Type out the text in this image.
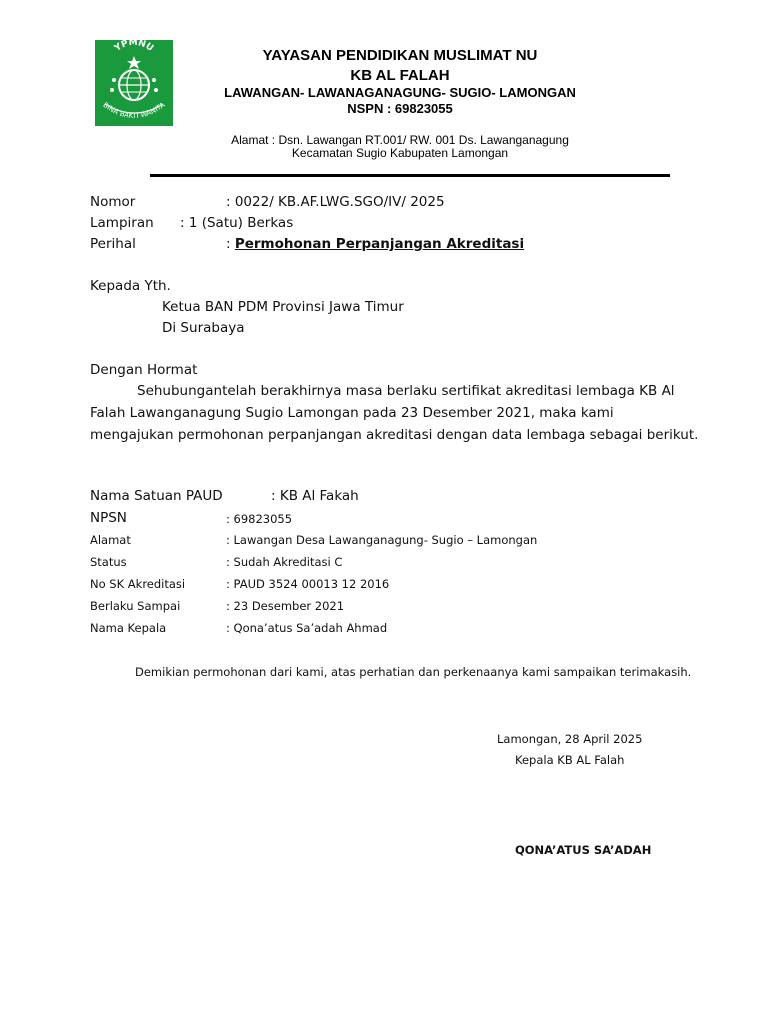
YPMNU
BINA BAKTI WANITA
YAYASAN PENDIDIKAN MUSLIMAT NU
KB AL FALAH
LAWANGAN- LAWANAGANAGUNG- SUGIO- LAMONGAN
NSPN : 69823055
Alamat : Dsn. Lawangan RT.001/ RW. 001 Ds. Lawanganagung
Kecamatan Sugio Kabupaten Lamongan
Nomor	: 0022/ KB.AF.LWG.SGO/IV/ 2025
Lampiran : 1 (Satu) Berkas
Perihal	: Permohonan Perpanjangan Akreditasi
Kepada Yth.
Ketua BAN PDM Provinsi Jawa Timur
Di Surabaya
Dengan Hormat
Sehubungantelah berakhirnya masa berlaku sertifikat akreditasi lembaga KB Al Falah Lawanganagung Sugio Lamongan pada 23 Desember 2021, maka kami mengajukan permohonan perpanjangan akreditasi dengan data lembaga sebagai berikut.
Nama Satuan PAUD	: KB Al Fakah
NPSN	: 69823055
Alamat	: Lawangan Desa Lawanganagung- Sugio – Lamongan
Status	: Sudah Akreditasi C
No SK Akreditasi	: PAUD 3524 00013 12 2016
Berlaku Sampai	: 23 Desember 2021
Nama Kepala	: Qona’atus Sa’adah Ahmad
Demikian permohonan dari kami, atas perhatian dan perkenaanya kami sampaikan terimakasih.
Lamongan, 28 April 2025
Kepala KB AL Falah
QONA’ATUS SA’ADAH
